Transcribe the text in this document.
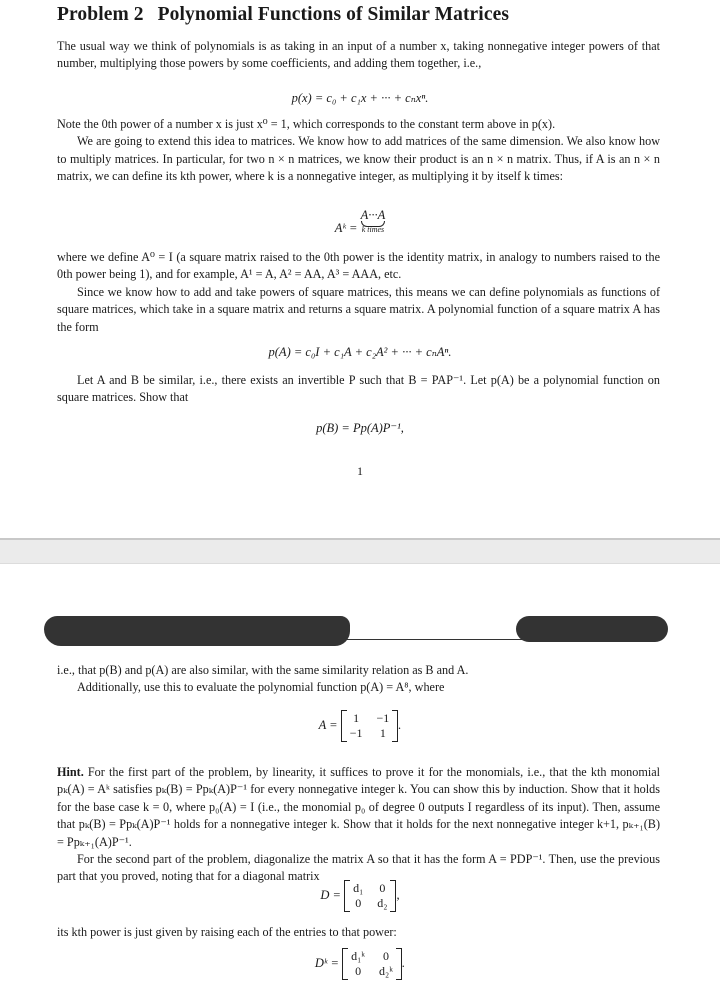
Problem 2 Polynomial Functions of Similar Matrices

The usual way we think of polynomials is as taking in an input of a number x, taking nonnegative integer powers of that number, multiplying those powers by some coefficients, and adding them together, i.e.,

p(x) = c₀ + c₁x + ··· + cₙxⁿ.

Note the 0th power of a number x is just x⁰ = 1, which corresponds to the constant term above in p(x).

We are going to extend this idea to matrices. We know how to add matrices of the same dimension. We also know how to multiply matrices. In particular, for two n × n matrices, we know their product is an n × n matrix. Thus, if A is an n × n matrix, we can define its kth power, where k is a nonnegative integer, as multiplying it by itself k times:

Aᵏ = A···A
k times

where we define A⁰ = I (a square matrix raised to the 0th power is the identity matrix, in analogy to numbers raised to the 0th power being 1), and for example, A¹ = A, A² = AA, A³ = AAA, etc.

Since we know how to add and take powers of square matrices, this means we can define polynomials as functions of square matrices, which take in a square matrix and returns a square matrix. A polynomial function of a square matrix A has the form

p(A) = c₀I + c₁A + c₂A² + ··· + cₙAⁿ.

Let A and B be similar, i.e., there exists an invertible P such that B = PAP⁻¹. Let p(A) be a polynomial function on square matrices. Show that

p(B) = Pp(A)P⁻¹,
1

i.e., that p(B) and p(A) are also similar, with the same similarity relation as B and A.

Additionally, use this to evaluate the polynomial function p(A) = A⁸, where

A = 1 −1
−1 1
.

Hint. For the first part of the problem, by linearity, it suffices to prove it for the monomials, i.e., that the kth monomial pₖ(A) = Aᵏ satisfies pₖ(B) = Ppₖ(A)P⁻¹ for every nonnegative integer k. You can show this by induction. Show that it holds for the base case k = 0, where p₀(A) = I (i.e., the monomial p₀ of degree 0 outputs I regardless of its input). Then, assume that pₖ(B) = Ppₖ(A)P⁻¹ holds for a nonnegative integer k. Show that it holds for the next nonnegative integer k+1, pₖ₊₁(B) = Ppₖ₊₁(A)P⁻¹.

For the second part of the problem, diagonalize the matrix A so that it has the form A = PDP⁻¹. Then, use the previous part that you proved, noting that for a diagonal matrix

D = d₁ 0
0 d₂
,

its kth power is just given by raising each of the entries to that power:

Dᵏ = d₁ᵏ	0
0	d₂ᵏ
.
